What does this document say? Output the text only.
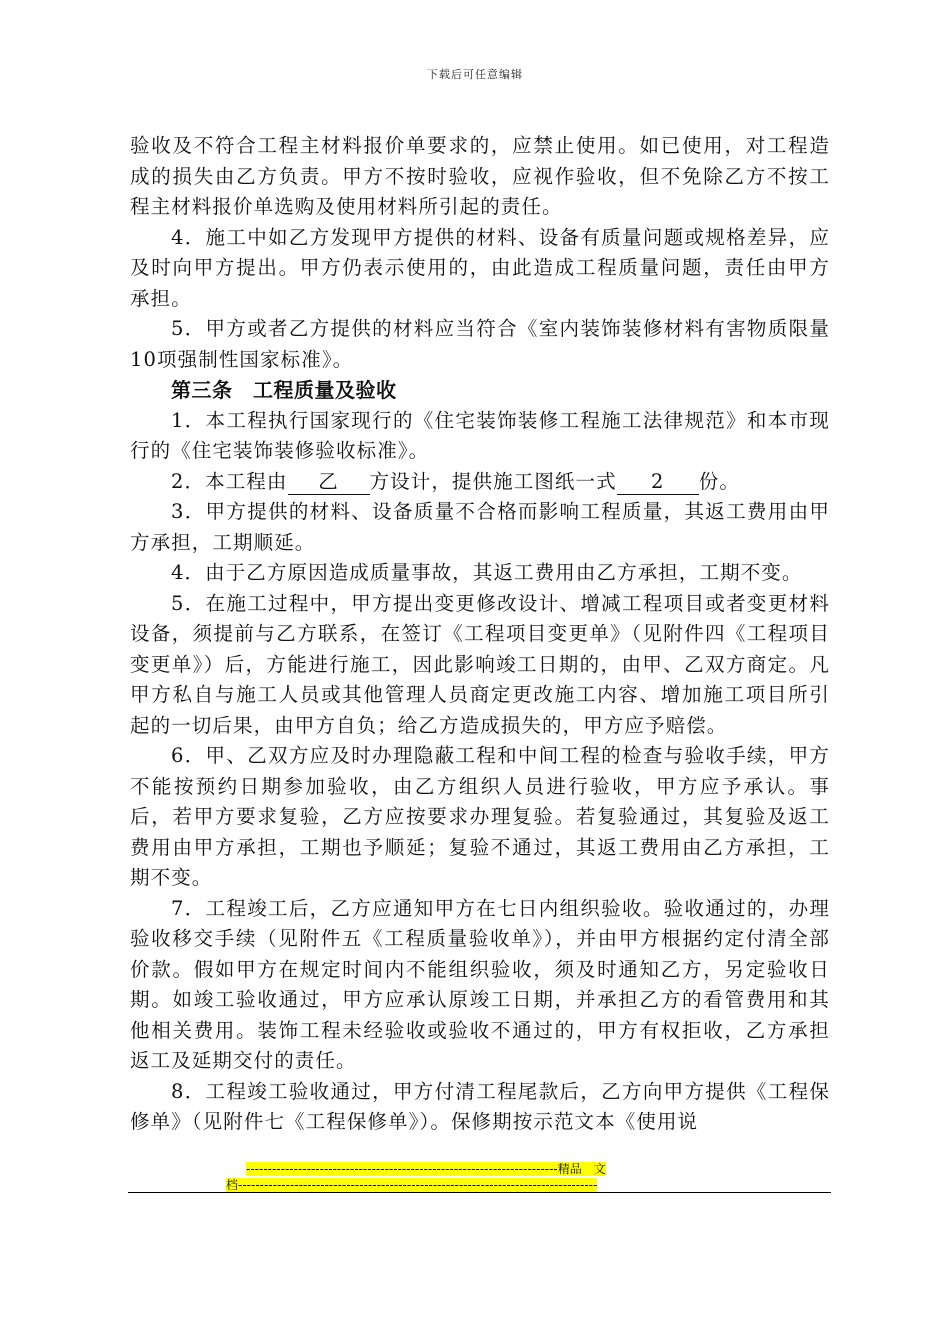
下载后可任意编辑

验收及不符合工程主材料报价单要求的，应禁止使用。如已使用，对工程造成的损失由乙方负责。甲方不按时验收，应视作验收，但不免除乙方不按工程主材料报价单选购及使用材料所引起的责任。

4．施工中如乙方发现甲方提供的材料、设备有质量问题或规格差异，应及时向甲方提出。甲方仍表示使用的，由此造成工程质量问题，责任由甲方承担。

5．甲方或者乙方提供的材料应当符合《室内装饰装修材料有害物质限量10项强制性国家标准》。

第三条　工程质量及验收

1．本工程执行国家现行的《住宅装饰装修工程施工法律规范》和本市现行的《住宅装饰装修验收标准》。

2．本工程由 乙 方设计，提供施工图纸一式 2 份。

3．甲方提供的材料、设备质量不合格而影响工程质量，其返工费用由甲方承担，工期顺延。

4．由于乙方原因造成质量事故，其返工费用由乙方承担，工期不变。

5．在施工过程中，甲方提出变更修改设计、增减工程项目或者变更材料设备，须提前与乙方联系，在签订《工程项目变更单》（见附件四《工程项目变更单》）后，方能进行施工，因此影响竣工日期的，由甲、乙双方商定。凡甲方私自与施工人员或其他管理人员商定更改施工内容、增加施工项目所引起的一切后果，由甲方自负；给乙方造成损失的，甲方应予赔偿。

6．甲、乙双方应及时办理隐蔽工程和中间工程的检查与验收手续，甲方不能按预约日期参加验收，由乙方组织人员进行验收，甲方应予承认。事后，若甲方要求复验，乙方应按要求办理复验。若复验通过，其复验及返工费用由甲方承担，工期也予顺延；复验不通过，其返工费用由乙方承担，工期不变。

7．工程竣工后，乙方应通知甲方在七日内组织验收。验收通过的，办理验收移交手续（见附件五《工程质量验收单》），并由甲方根据约定付清全部价款。假如甲方在规定时间内不能组织验收，须及时通知乙方，另定验收日期。如竣工验收通过，甲方应承认原竣工日期，并承担乙方的看管费用和其他相关费用。装饰工程未经验收或验收不通过的，甲方有权拒收，乙方承担返工及延期交付的责任。

8．工程竣工验收通过，甲方付清工程尾款后，乙方向甲方提供《工程保修单》（见附件七《工程保修单》）。保修期按示范文本《使用说

------------------------------------------------------------------------精品　文
档-----------------------------------------------------------------------------------
